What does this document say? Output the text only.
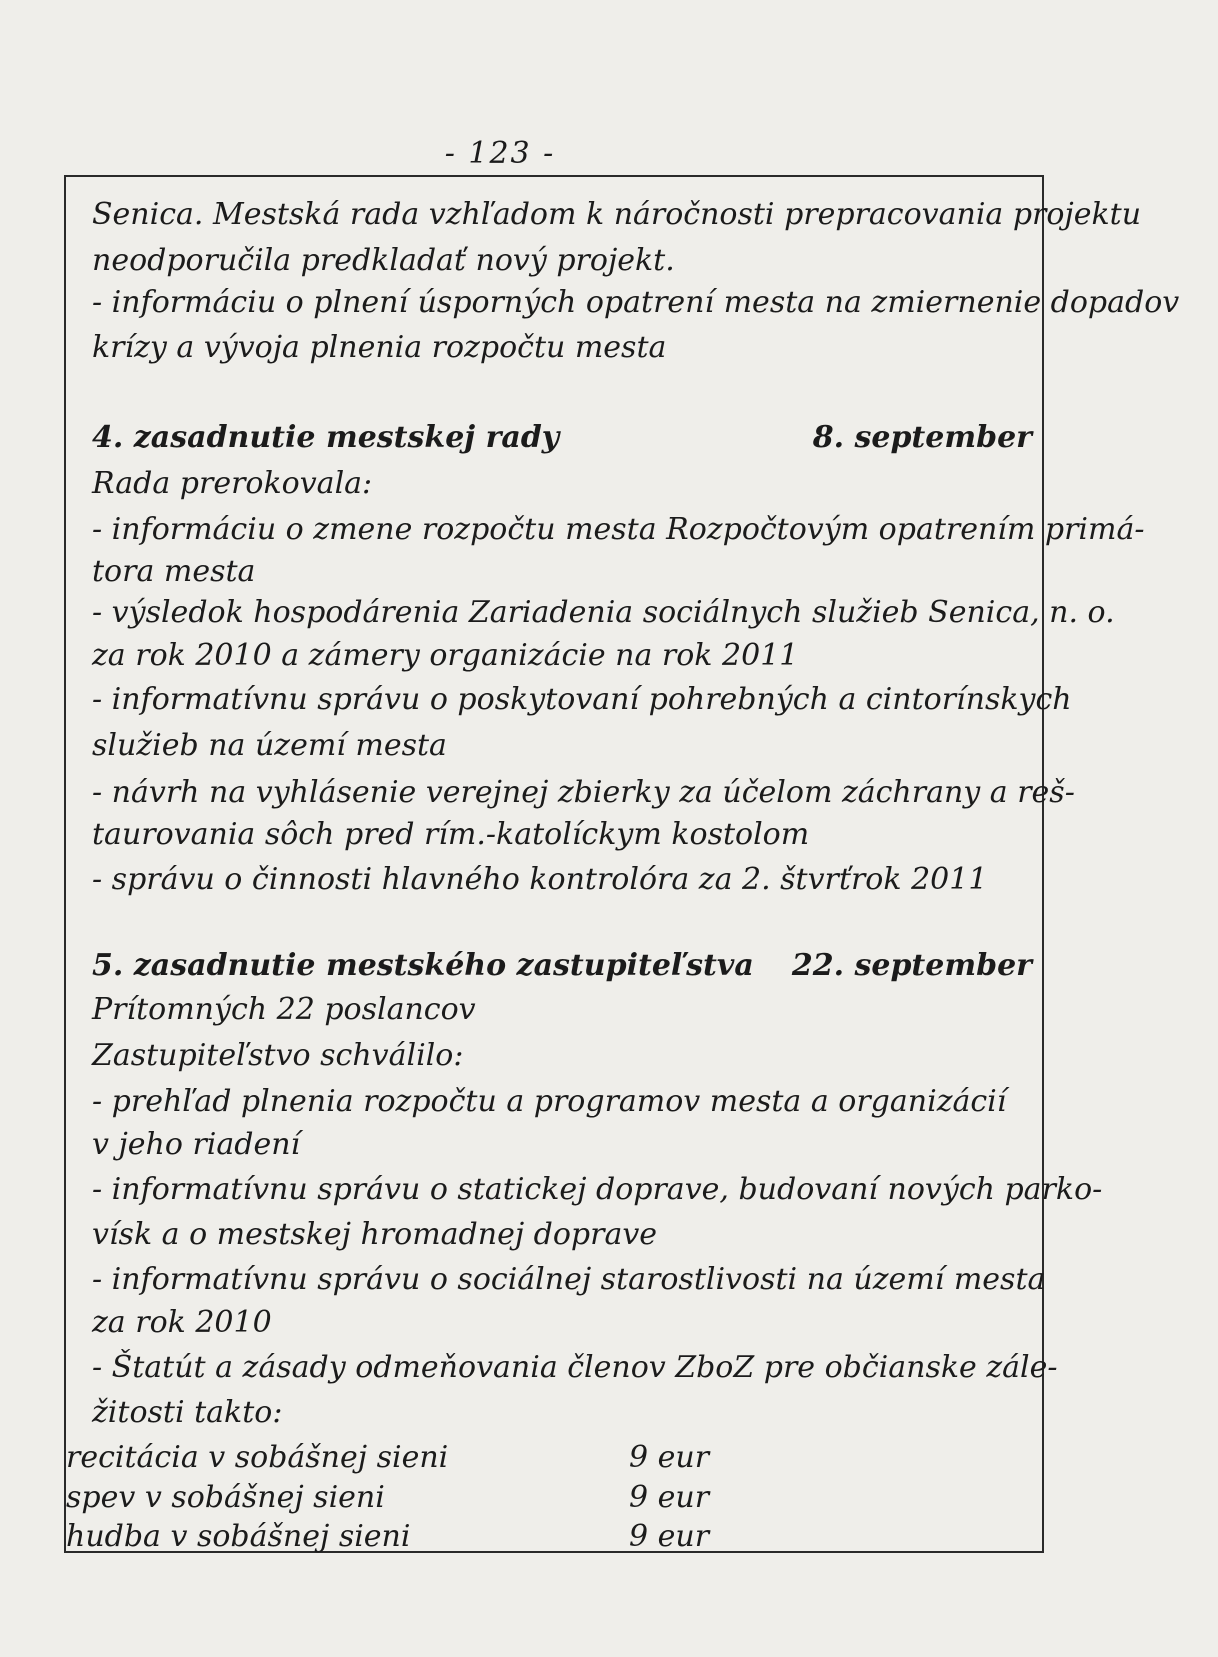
- 123 -
Senica. Mestská rada vzhľadom k náročnosti prepracovania projektu
neodporučila predkladať nový projekt.
- informáciu o plnení úsporných opatrení mesta na zmiernenie dopadov
krízy a vývoja plnenia rozpočtu mesta
4. zasadnutie mestskej rady	8. september
Rada prerokovala:
- informáciu o zmene rozpočtu mesta Rozpočtovým opatrením primá-
tora mesta
- výsledok hospodárenia Zariadenia sociálnych služieb Senica, n. o.
za rok 2010 a zámery organizácie na rok 2011
- informatívnu správu o poskytovaní pohrebných a cintorínskych
služieb na území mesta
- návrh na vyhlásenie verejnej zbierky za účelom záchrany a reš-
taurovania sôch pred rím.-katolíckym kostolom
- správu o činnosti hlavného kontrolóra za 2. štvrťrok 2011
5. zasadnutie mestského zastupiteľstva 22. september
Prítomných 22 poslancov
Zastupiteľstvo schválilo:
- prehľad plnenia rozpočtu a programov mesta a organizácií
v jeho riadení
- informatívnu správu o statickej doprave, budovaní nových parko-
vísk a o mestskej hromadnej doprave
- informatívnu správu o sociálnej starostlivosti na území mesta
za rok 2010
- Štatút a zásady odmeňovania členov ZboZ pre občianske zále-
žitosti takto:
recitácia v sobášnej sieni	9 eur
spev v sobášnej sieni	9 eur
hudba v sobášnej sieni	9 eur
